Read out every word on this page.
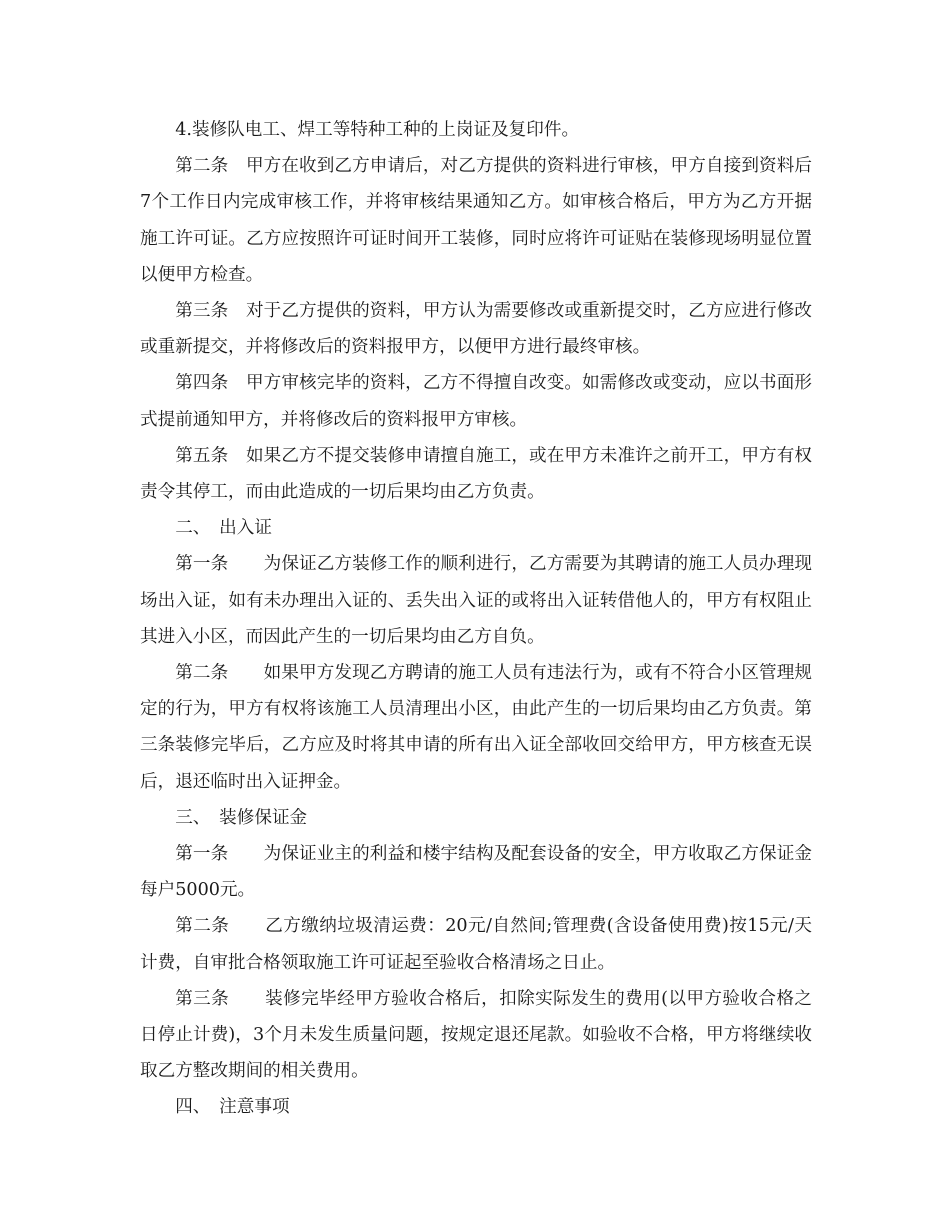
4.装修队电工、焊工等特种工种的上岗证及复印件。

第二条　甲方在收到乙方申请后，对乙方提供的资料进行审核，甲方自接到资料后7个工作日内完成审核工作，并将审核结果通知乙方。如审核合格后，甲方为乙方开据施工许可证。乙方应按照许可证时间开工装修，同时应将许可证贴在装修现场明显位置以便甲方检查。

第三条　对于乙方提供的资料，甲方认为需要修改或重新提交时，乙方应进行修改或重新提交，并将修改后的资料报甲方，以便甲方进行最终审核。

第四条　甲方审核完毕的资料，乙方不得擅自改变。如需修改或变动，应以书面形式提前通知甲方，并将修改后的资料报甲方审核。

第五条　如果乙方不提交装修申请擅自施工，或在甲方未准许之前开工，甲方有权责令其停工，而由此造成的一切后果均由乙方负责。

二、　出入证

第一条　　为保证乙方装修工作的顺利进行，乙方需要为其聘请的施工人员办理现场出入证，如有未办理出入证的、丢失出入证的或将出入证转借他人的，甲方有权阻止其进入小区，而因此产生的一切后果均由乙方自负。

第二条　　如果甲方发现乙方聘请的施工人员有违法行为，或有不符合小区管理规定的行为，甲方有权将该施工人员清理出小区，由此产生的一切后果均由乙方负责。第三条装修完毕后，乙方应及时将其申请的所有出入证全部收回交给甲方，甲方核查无误后，退还临时出入证押金。

三、　装修保证金

第一条　　为保证业主的利益和楼宇结构及配套设备的安全，甲方收取乙方保证金每户5000元。

第二条　　乙方缴纳垃圾清运费：20元/自然间;管理费(含设备使用费)按15元/天计费，自审批合格领取施工许可证起至验收合格清场之日止。

第三条　　装修完毕经甲方验收合格后，扣除实际发生的费用(以甲方验收合格之日停止计费)，3个月未发生质量问题，按规定退还尾款。如验收不合格，甲方将继续收取乙方整改期间的相关费用。

四、　注意事项
